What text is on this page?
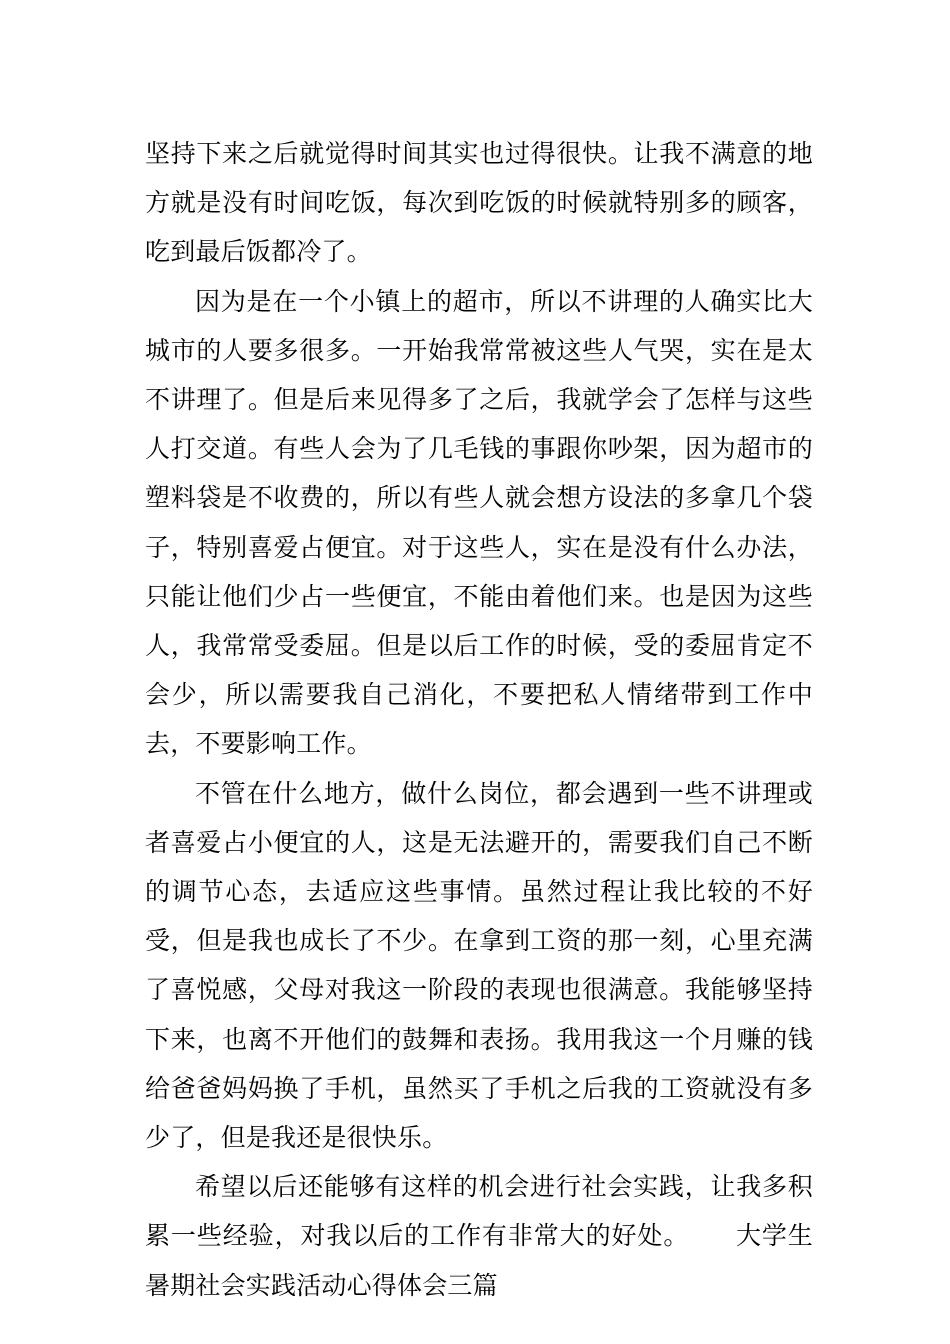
坚持下来之后就觉得时间其实也过得很快。让我不满意的地方就是没有时间吃饭，每次到吃饭的时候就特别多的顾客，吃到最后饭都冷了。

因为是在一个小镇上的超市，所以不讲理的人确实比大城市的人要多很多。一开始我常常被这些人气哭，实在是太不讲理了。但是后来见得多了之后，我就学会了怎样与这些人打交道。有些人会为了几毛钱的事跟你吵架，因为超市的塑料袋是不收费的，所以有些人就会想方设法的多拿几个袋子，特别喜爱占便宜。对于这些人，实在是没有什么办法，只能让他们少占一些便宜，不能由着他们来。也是因为这些人，我常常受委屈。但是以后工作的时候，受的委屈肯定不会少，所以需要我自己消化，不要把私人情绪带到工作中去，不要影响工作。

不管在什么地方，做什么岗位，都会遇到一些不讲理或者喜爱占小便宜的人，这是无法避开的，需要我们自己不断的调节心态，去适应这些事情。虽然过程让我比较的不好受，但是我也成长了不少。在拿到工资的那一刻，心里充满了喜悦感，父母对我这一阶段的表现也很满意。我能够坚持下来，也离不开他们的鼓舞和表扬。我用我这一个月赚的钱给爸爸妈妈换了手机，虽然买了手机之后我的工资就没有多少了，但是我还是很快乐。

希望以后还能够有这样的机会进行社会实践，让我多积累一些经验，对我以后的工作有非常大的好处。 大学生暑期社会实践活动心得体会三篇
